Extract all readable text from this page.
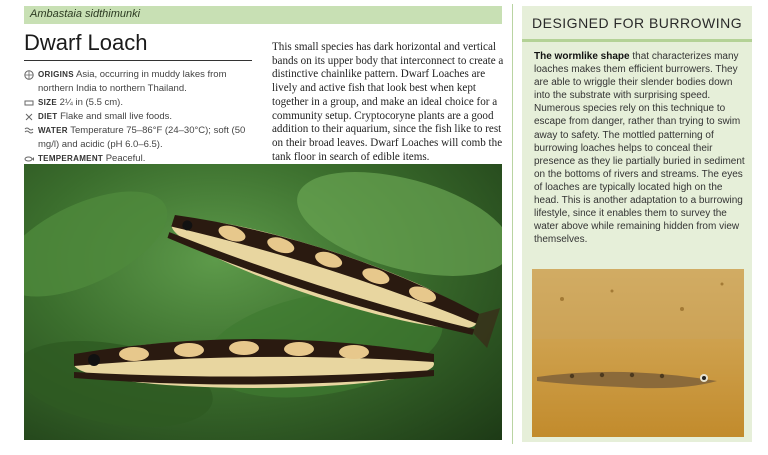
Ambastaia sidthimunki
Dwarf Loach
ORIGINS Asia, occurring in muddy lakes from northern India to northern Thailand.
SIZE 2¼ in (5.5 cm).
DIET Flake and small live foods.
WATER Temperature 75–86°F (24–30°C); soft (50 mg/l) and acidic (pH 6.0–6.5).
TEMPERAMENT Peaceful.
This small species has dark horizontal and vertical bands on its upper body that interconnect to create a distinctive chainlike pattern. Dwarf Loaches are lively and active fish that look best when kept together in a group, and make an ideal choice for a community setup. Cryptocoryne plants are a good addition to their aquarium, since the fish like to rest on their broad leaves. Dwarf Loaches will comb the tank floor in search of edible items.
DESIGNED FOR BURROWING
The wormlike shape that characterizes many loaches makes them efficient burrowers. They are able to wriggle their slender bodies down into the substrate with surprising speed. Numerous species rely on this technique to escape from danger, rather than trying to swim away to safety. The mottled patterning of burrowing loaches helps to conceal their presence as they lie partially buried in sediment on the bottoms of rivers and streams. The eyes of loaches are typically located high on the head. This is another adaptation to a burrowing lifestyle, since it enables them to survey the water above while remaining hidden from view themselves.
